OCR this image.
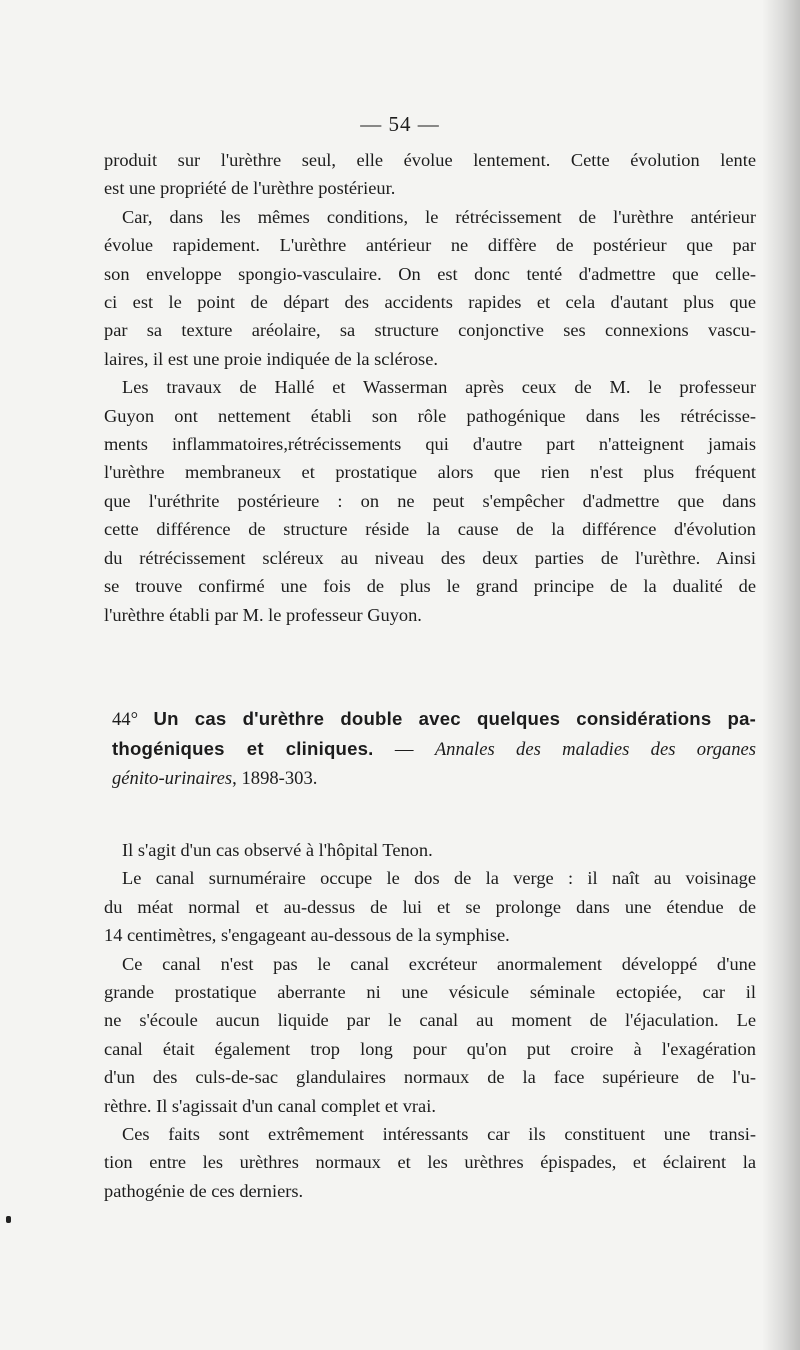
— 54 —

produit sur l'urèthre seul, elle évolue lentement. Cette évolution lente

est une propriété de l'urèthre postérieur.

Car, dans les mêmes conditions, le rétrécissement de l'urèthre antérieur

évolue rapidement. L'urèthre antérieur ne diffère de postérieur que par

son enveloppe spongio-vasculaire. On est donc tenté d'admettre que celle-

ci est le point de départ des accidents rapides et cela d'autant plus que

par sa texture aréolaire, sa structure conjonctive ses connexions vascu-

laires, il est une proie indiquée de la sclérose.

Les travaux de Hallé et Wasserman après ceux de M. le professeur

Guyon ont nettement établi son rôle pathogénique dans les rétrécisse-

ments inflammatoires,rétrécissements qui d'autre part n'atteignent jamais

l'urèthre membraneux et prostatique alors que rien n'est plus fréquent

que l'uréthrite postérieure : on ne peut s'empêcher d'admettre que dans

cette différence de structure réside la cause de la différence d'évolution

du rétrécissement scléreux au niveau des deux parties de l'urèthre. Ainsi

se trouve confirmé une fois de plus le grand principe de la dualité de

l'urèthre établi par M. le professeur Guyon.

44° Un cas d'urèthre double avec quelques considérations pa-

thogéniques et cliniques. — Annales des maladies des organes

génito-urinaires, 1898-303.

Il s'agit d'un cas observé à l'hôpital Tenon.

Le canal surnuméraire occupe le dos de la verge : il naît au voisinage

du méat normal et au-dessus de lui et se prolonge dans une étendue de

14 centimètres, s'engageant au-dessous de la symphise.

Ce canal n'est pas le canal excréteur anormalement développé d'une

grande prostatique aberrante ni une vésicule séminale ectopiée, car il

ne s'écoule aucun liquide par le canal au moment de l'éjaculation. Le

canal était également trop long pour qu'on put croire à l'exagération

d'un des culs-de-sac glandulaires normaux de la face supérieure de l'u-

rèthre. Il s'agissait d'un canal complet et vrai.

Ces faits sont extrêmement intéressants car ils constituent une transi-

tion entre les urèthres normaux et les urèthres épispades, et éclairent la

pathogénie de ces derniers.
